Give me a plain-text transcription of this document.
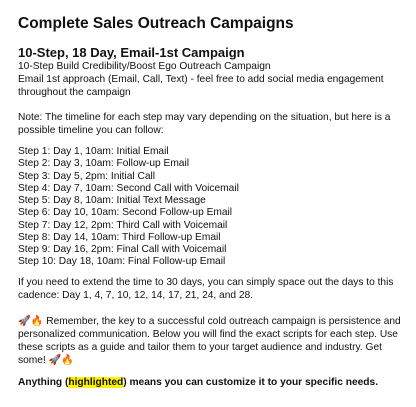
Complete Sales Outreach Campaigns
10-Step, 18 Day, Email-1st Campaign

10-Step Build Credibility/Boost Ego Outreach Campaign

Email 1st approach (Email, Call, Text) - feel free to add social media engagement

throughout the campaign

Note: The timeline for each step may vary depending on the situation, but here is a

possible timeline you can follow:

Step 1: Day 1, 10am: Initial Email
Step 2: Day 3, 10am: Follow-up Email
Step 3: Day 5, 2pm: Initial Call
Step 4: Day 7, 10am: Second Call with Voicemail
Step 5: Day 8, 10am: Initial Text Message
Step 6: Day 10, 10am: Second Follow-up Email
Step 7: Day 12, 2pm: Third Call with Voicemail
Step 8: Day 14, 10am: Third Follow-up Email
Step 9: Day 16, 2pm: Final Call with Voicemail
Step 10: Day 18, 10am: Final Follow-up Email

If you need to extend the time to 30 days, you can simply space out the days to this

cadence: Day 1, 4, 7, 10, 12, 14, 17, 21, 24, and 28.

🚀🔥 Remember, the key to a successful cold outreach campaign is persistence and

personalized communication. Below you will find the exact scripts for each step. Use

these scripts as a guide and tailor them to your target audience and industry. Get

some! 🚀🔥

Anything (highlighted) means you can customize it to your specific needs.
